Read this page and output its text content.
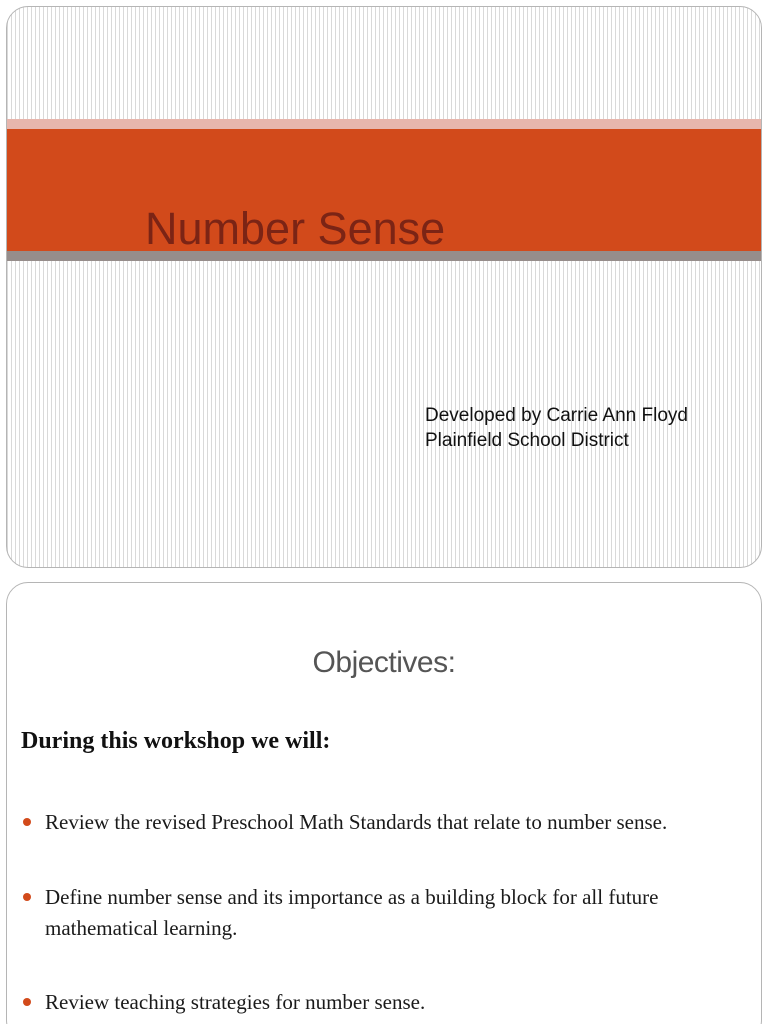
Number Sense
Developed by Carrie Ann Floyd
Plainfield School District
Objectives:
During this workshop we will:
Review the revised Preschool Math Standards that relate to number sense.
Define number sense and its importance as a building block for all future mathematical learning.
Review teaching strategies for number sense.
